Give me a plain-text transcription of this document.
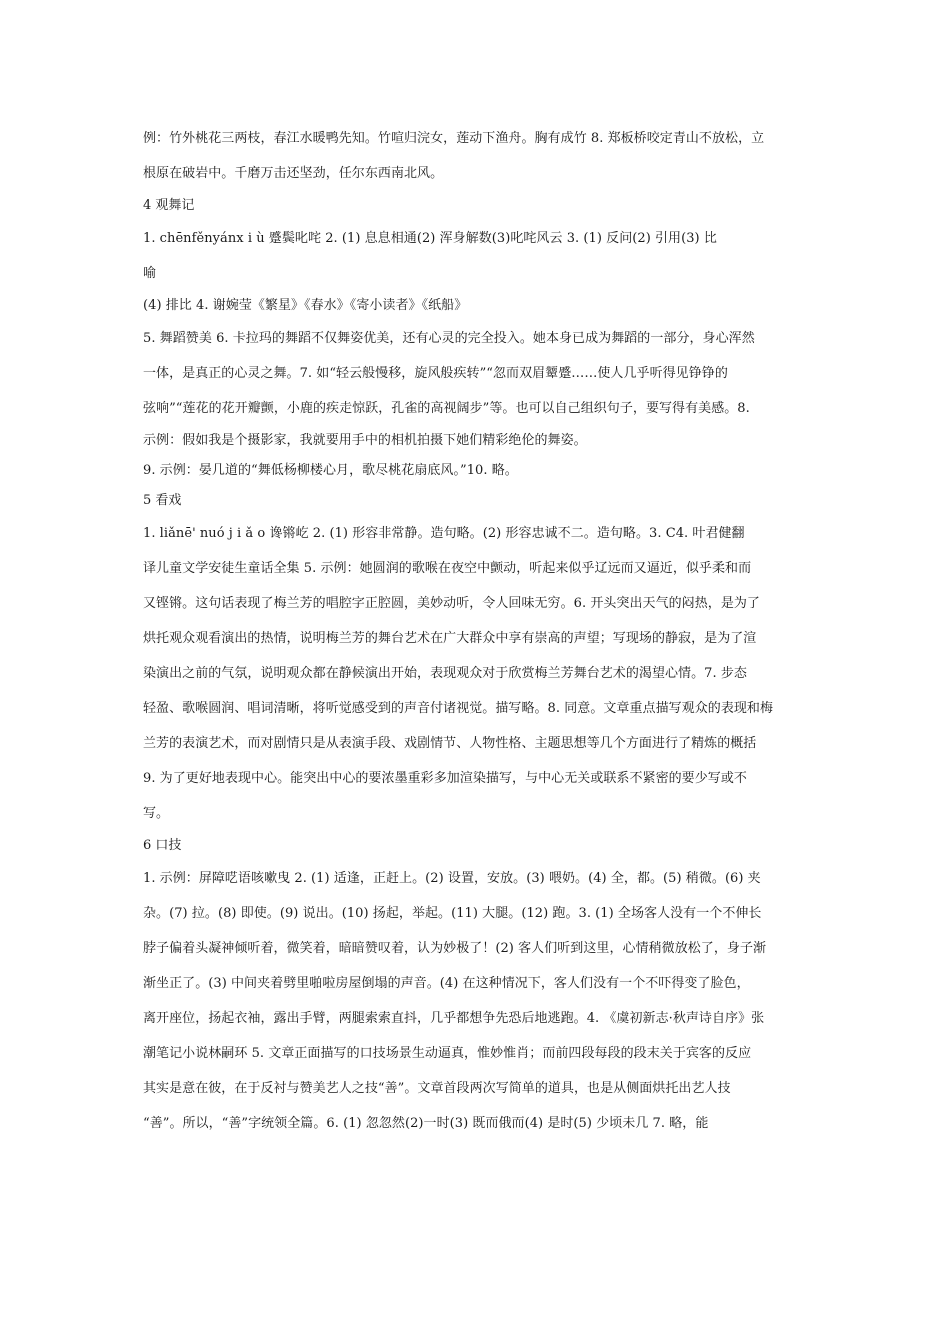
例：竹外桃花三两枝，春江水暖鸭先知。竹喧归浣女，莲动下渔舟。胸有成竹 8. 郑板桥咬定青山不放松，立
根原在破岩中。千磨万击还坚劲，任尔东西南北风。
4 观舞记
1. chēnfěnyánx i ù 蹙鬓叱咤 2. (1) 息息相通(2) 浑身解数(3)叱咤风云 3. (1) 反问(2) 引用(3) 比
喻
(4) 排比 4. 谢婉莹《繁星》《春水》《寄小读者》《纸船》
5. 舞蹈赞美 6. 卡拉玛的舞蹈不仅舞姿优美，还有心灵的完全投入。她本身已成为舞蹈的一部分，身心浑然
一体，是真正的心灵之舞。7. 如“轻云般慢移，旋风般疾转”“忽而双眉颦蹙……使人几乎听得见铮铮的
弦响”“莲花的花开瓣颤，小鹿的疾走惊跃，孔雀的高视阔步”等。也可以自己组织句子，要写得有美感。8.
示例：假如我是个摄影家，我就要用手中的相机拍摄下她们精彩绝伦的舞姿。
9. 示例：晏几道的“舞低杨柳楼心月，歌尽桃花扇底风。”10. 略。
5 看戏
1. liǎnē' nuó j i ǎ o 谗锵屹 2. (1) 形容非常静。造句略。(2) 形容忠诚不二。造句略。3. C4. 叶君健翻
译儿童文学安徒生童话全集 5. 示例：她圆润的歌喉在夜空中颤动，听起来似乎辽远而又逼近，似乎柔和而
又铿锵。这句话表现了梅兰芳的唱腔字正腔圆，美妙动听，令人回味无穷。6. 开头突出天气的闷热，是为了
烘托观众观看演出的热情，说明梅兰芳的舞台艺术在广大群众中享有崇高的声望；写现场的静寂，是为了渲
染演出之前的气氛，说明观众都在静候演出开始，表现观众对于欣赏梅兰芳舞台艺术的渴望心情。7. 步态
轻盈、歌喉圆润、唱词清晰，将听觉感受到的声音付诸视觉。描写略。8. 同意。文章重点描写观众的表现和梅
兰芳的表演艺术，而对剧情只是从表演手段、戏剧情节、人物性格、主题思想等几个方面进行了精炼的概括
9. 为了更好地表现中心。能突出中心的要浓墨重彩多加渲染描写，与中心无关或联系不紧密的要少写或不
写。
6 口技
1. 示例：屏障呓语咳嗽曳 2. (1) 适逢，正赶上。(2) 设置，安放。(3) 喂奶。(4) 全，都。(5) 稍微。(6) 夹
杂。(7) 拉。(8) 即使。(9) 说出。(10) 扬起，举起。(11) 大腿。(12) 跑。3. (1) 全场客人没有一个不伸长
脖子偏着头凝神倾听着，微笑着，暗暗赞叹着，认为妙极了！(2) 客人们听到这里，心情稍微放松了，身子渐
渐坐正了。(3) 中间夹着劈里啪啦房屋倒塌的声音。(4) 在这种情况下，客人们没有一个不吓得变了脸色，
离开座位，扬起衣袖，露出手臂，两腿索索直抖，几乎都想争先恐后地逃跑。4. 《虞初新志·秋声诗自序》张
潮笔记小说林嗣环 5. 文章正面描写的口技场景生动逼真，惟妙惟肖；而前四段每段的段末关于宾客的反应
其实是意在彼，在于反衬与赞美艺人之技“善”。文章首段两次写简单的道具，也是从侧面烘托出艺人技
“善”。所以，“善”字统领全篇。6. (1) 忽忽然(2)一时(3) 既而俄而(4) 是时(5) 少顷未几 7. 略，能
